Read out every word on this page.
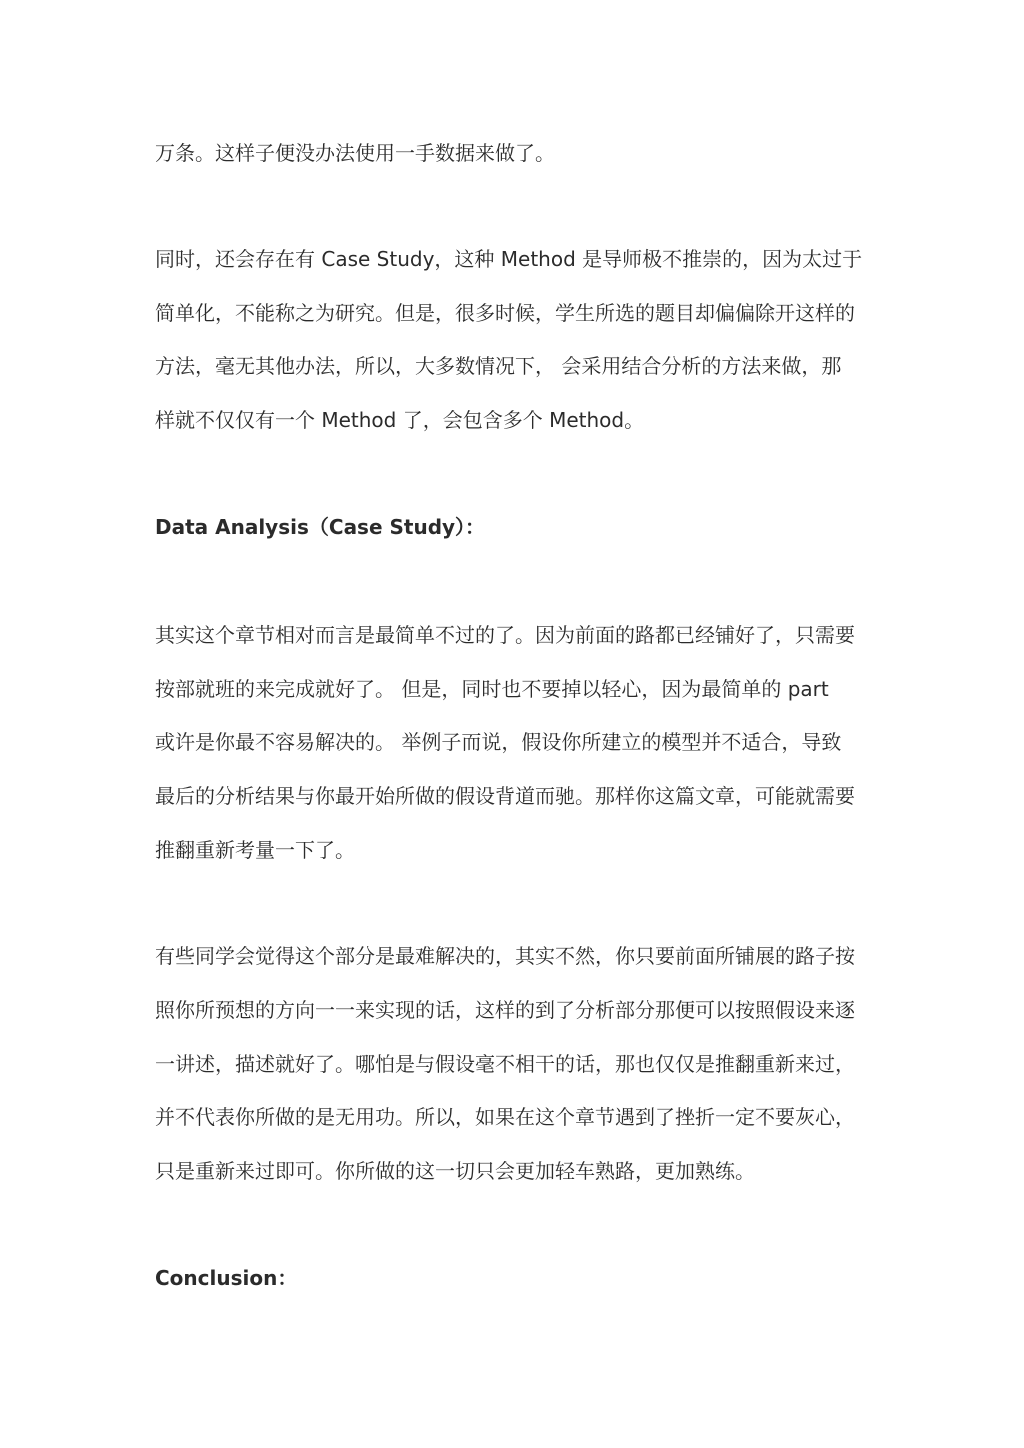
万条。这样子便没办法使用一手数据来做了。
同时，还会存在有 Case Study，这种 Method 是导师极不推崇的，因为太过于
简单化，不能称之为研究。但是，很多时候，学生所选的题目却偏偏除开这样的
方法，毫无其他办法，所以，大多数情况下， 会采用结合分析的方法来做，那
样就不仅仅有一个 Method 了，会包含多个 Method。
Data Analysis（Case Study）：
其实这个章节相对而言是最简单不过的了。因为前面的路都已经铺好了，只需要
按部就班的来完成就好了。 但是，同时也不要掉以轻心，因为最简单的 part
或许是你最不容易解决的。 举例子而说，假设你所建立的模型并不适合，导致
最后的分析结果与你最开始所做的假设背道而驰。那样你这篇文章，可能就需要
推翻重新考量一下了。
有些同学会觉得这个部分是最难解决的，其实不然，你只要前面所铺展的路子按
照你所预想的方向一一来实现的话，这样的到了分析部分那便可以按照假设来逐
一讲述，描述就好了。哪怕是与假设毫不相干的话，那也仅仅是推翻重新来过，
并不代表你所做的是无用功。所以，如果在这个章节遇到了挫折一定不要灰心，
只是重新来过即可。你所做的这一切只会更加轻车熟路，更加熟练。
Conclusion：
